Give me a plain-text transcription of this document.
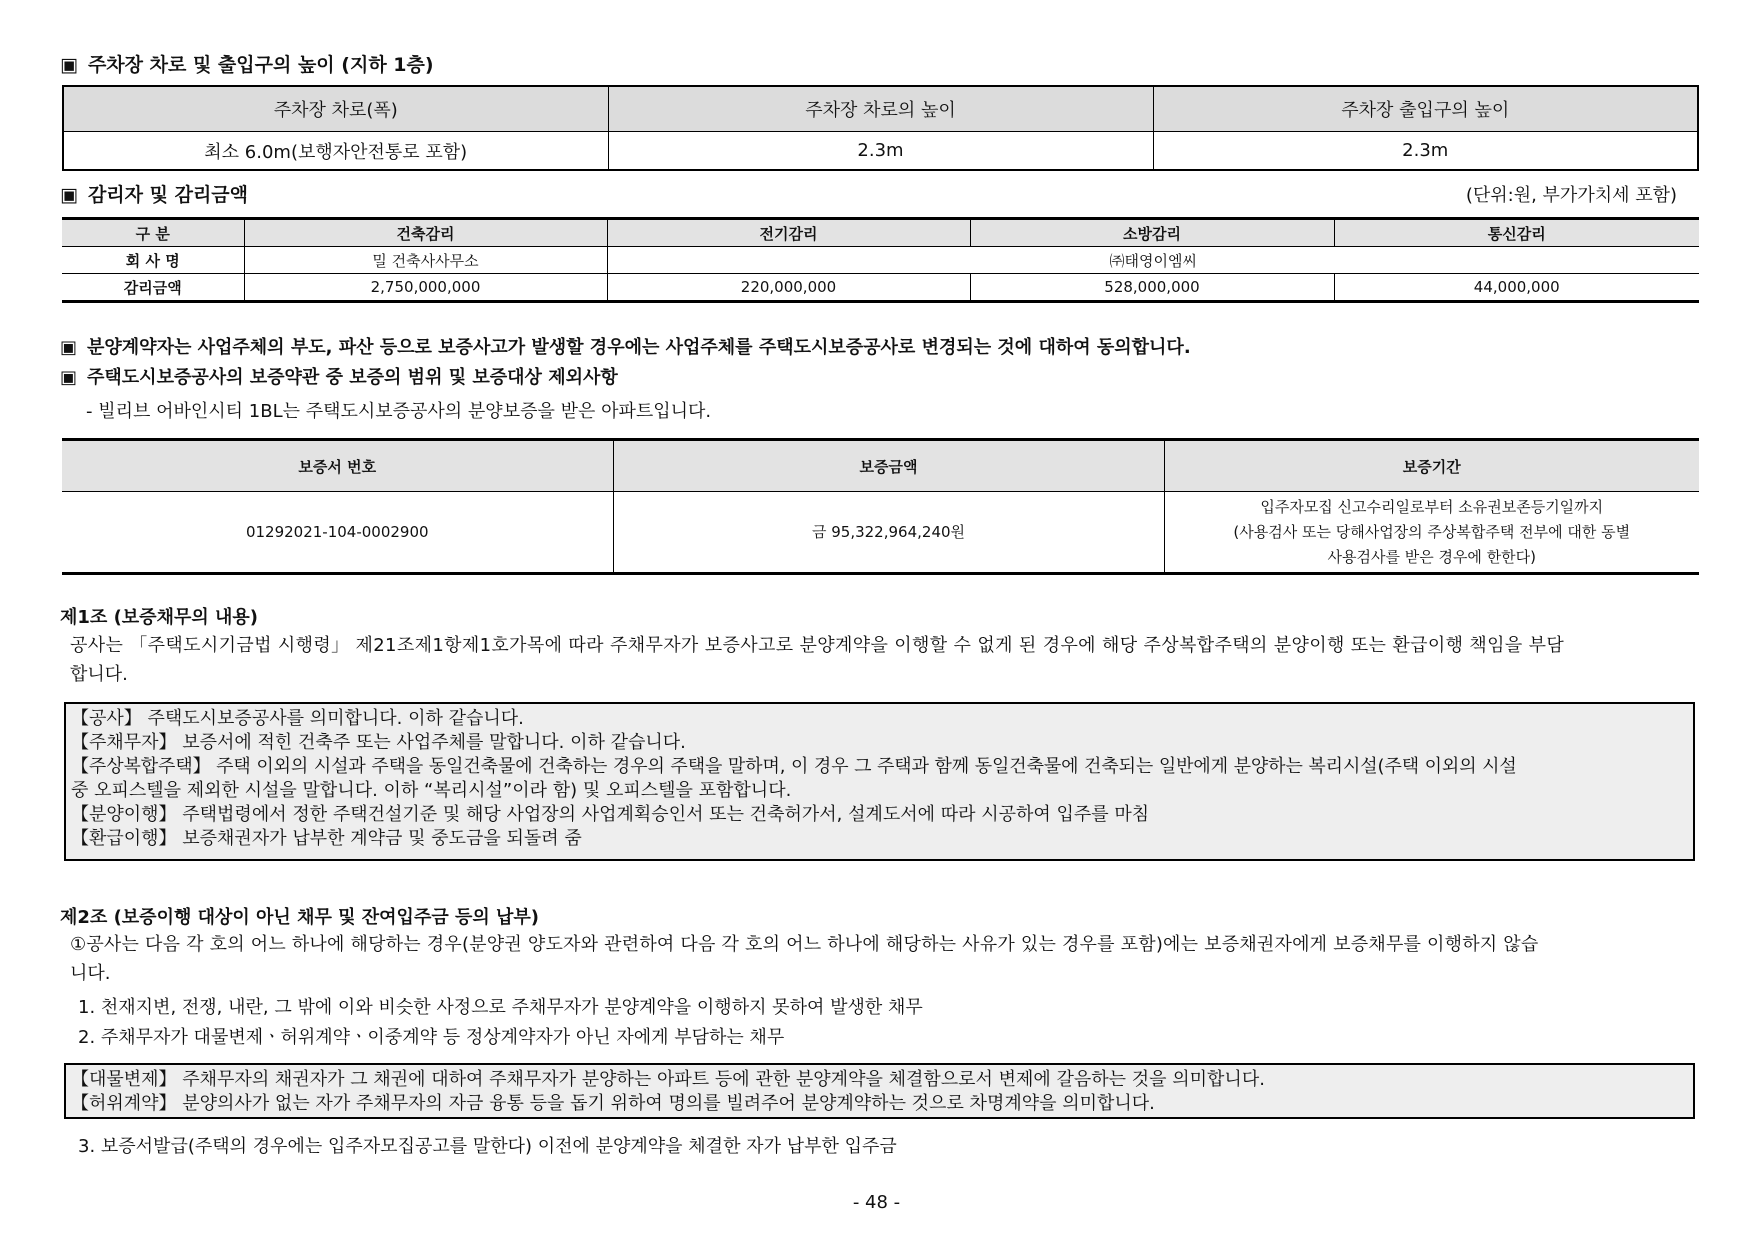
▣ 주차장 차로 및 출입구의 높이 (지하 1층)
주차장 차로(폭)	주차장 차로의 높이	주차장 출입구의 높이
최소 6.0m(보행자안전통로 포함)	2.3m	2.3m
▣ 감리자 및 감리금액	(단위:원, 부가가치세 포함)
구 분	건축감리	전기감리	소방감리	통신감리
회 사 명	밀 건축사사무소	㈜태영이엠씨		
감리금액	2,750,000,000	220,000,000	528,000,000	44,000,000
▣ 분양계약자는 사업주체의 부도, 파산 등으로 보증사고가 발생할 경우에는 사업주체를 주택도시보증공사로 변경되는 것에 대하여 동의합니다.
▣ 주택도시보증공사의 보증약관 중 보증의 범위 및 보증대상 제외사항
- 빌리브 어바인시티 1BL는 주택도시보증공사의 분양보증을 받은 아파트입니다.
보증서 번호	보증금액	보증기간
01292021-104-0002900	금 95,322,964,240원	입주자모집 신고수리일로부터 소유권보존등기일까지
(사용검사 또는 당해사업장의 주상복합주택 전부에 대한 동별
사용검사를 받은 경우에 한한다)
제1조 (보증채무의 내용)
공사는 「주택도시기금법 시행령」 제21조제1항제1호가목에 따라 주채무자가 보증사고로 분양계약을 이행할 수 없게 된 경우에 해당 주상복합주택의 분양이행 또는 환급이행 책임을 부담
합니다.
【공사】 주택도시보증공사를 의미합니다. 이하 같습니다.
【주채무자】 보증서에 적힌 건축주 또는 사업주체를 말합니다. 이하 같습니다.
【주상복합주택】 주택 이외의 시설과 주택을 동일건축물에 건축하는 경우의 주택을 말하며, 이 경우 그 주택과 함께 동일건축물에 건축되는 일반에게 분양하는 복리시설(주택 이외의 시설
중 오피스텔을 제외한 시설을 말합니다. 이하 “복리시설”이라 함) 및 오피스텔을 포함합니다.
【분양이행】 주택법령에서 정한 주택건설기준 및 해당 사업장의 사업계획승인서 또는 건축허가서, 설계도서에 따라 시공하여 입주를 마침
【환급이행】 보증채권자가 납부한 계약금 및 중도금을 되돌려 줌
제2조 (보증이행 대상이 아닌 채무 및 잔여입주금 등의 납부)
①공사는 다음 각 호의 어느 하나에 해당하는 경우(분양권 양도자와 관련하여 다음 각 호의 어느 하나에 해당하는 사유가 있는 경우를 포함)에는 보증채권자에게 보증채무를 이행하지 않습
니다.
1. 천재지변, 전쟁, 내란, 그 밖에 이와 비슷한 사정으로 주채무자가 분양계약을 이행하지 못하여 발생한 채무
2. 주채무자가 대물변제ㆍ허위계약ㆍ이중계약 등 정상계약자가 아닌 자에게 부담하는 채무
【대물변제】 주채무자의 채권자가 그 채권에 대하여 주채무자가 분양하는 아파트 등에 관한 분양계약을 체결함으로서 변제에 갈음하는 것을 의미합니다.
【허위계약】 분양의사가 없는 자가 주채무자의 자금 융통 등을 돕기 위하여 명의를 빌려주어 분양계약하는 것으로 차명계약을 의미합니다.
3. 보증서발급(주택의 경우에는 입주자모집공고를 말한다) 이전에 분양계약을 체결한 자가 납부한 입주금
- 48 -
